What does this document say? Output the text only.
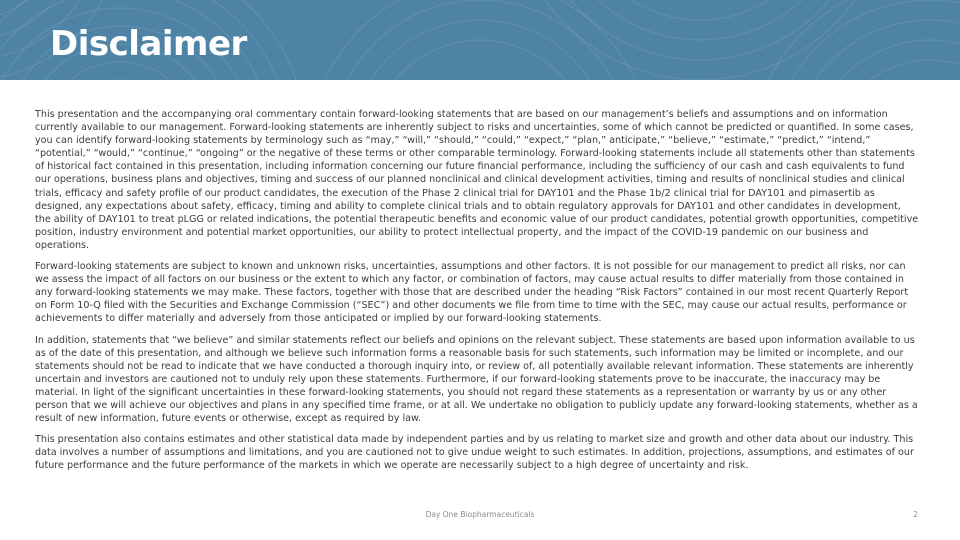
Disclaimer

This presentation and the accompanying oral commentary contain forward-looking statements that are based on our management’s beliefs and assumptions and on information currently available to our management. Forward-looking statements are inherently subject to risks and uncertainties, some of which cannot be predicted or quantified. In some cases, you can identify forward-looking statements by terminology such as “may,” “will,” “should,” “could,” “expect,” “plan,” anticipate,” “believe,” “estimate,” “predict,” “intend,” “potential,” “would,” “continue,” “ongoing” or the negative of these terms or other comparable terminology. Forward-looking statements include all statements other than statements of historical fact contained in this presentation, including information concerning our future financial performance, including the sufficiency of our cash and cash equivalents to fund our operations, business plans and objectives, timing and success of our planned nonclinical and clinical development activities, timing and results of nonclinical studies and clinical trials, efficacy and safety profile of our product candidates, the execution of the Phase 2 clinical trial for DAY101 and the Phase 1b/2 clinical trial for DAY101 and pimasertib as designed, any expectations about safety, efficacy, timing and ability to complete clinical trials and to obtain regulatory approvals for DAY101 and other candidates in development, the ability of DAY101 to treat pLGG or related indications, the potential therapeutic benefits and economic value of our product candidates, potential growth opportunities, competitive position, industry environment and potential market opportunities, our ability to protect intellectual property, and the impact of the COVID-19 pandemic on our business and operations.

Forward-looking statements are subject to known and unknown risks, uncertainties, assumptions and other factors. It is not possible for our management to predict all risks, nor can we assess the impact of all factors on our business or the extent to which any factor, or combination of factors, may cause actual results to differ materially from those contained in any forward-looking statements we may make. These factors, together with those that are described under the heading “Risk Factors” contained in our most recent Quarterly Report on Form 10-Q filed with the Securities and Exchange Commission (“SEC”) and other documents we file from time to time with the SEC, may cause our actual results, performance or achievements to differ materially and adversely from those anticipated or implied by our forward-looking statements.

In addition, statements that “we believe” and similar statements reflect our beliefs and opinions on the relevant subject. These statements are based upon information available to us as of the date of this presentation, and although we believe such information forms a reasonable basis for such statements, such information may be limited or incomplete, and our statements should not be read to indicate that we have conducted a thorough inquiry into, or review of, all potentially available relevant information. These statements are inherently uncertain and investors are cautioned not to unduly rely upon these statements. Furthermore, if our forward-looking statements prove to be inaccurate, the inaccuracy may be material. In light of the significant uncertainties in these forward-looking statements, you should not regard these statements as a representation or warranty by us or any other person that we will achieve our objectives and plans in any specified time frame, or at all. We undertake no obligation to publicly update any forward-looking statements, whether as a result of new information, future events or otherwise, except as required by law.

This presentation also contains estimates and other statistical data made by independent parties and by us relating to market size and growth and other data about our industry. This data involves a number of assumptions and limitations, and you are cautioned not to give undue weight to such estimates. In addition, projections, assumptions, and estimates of our future performance and the future performance of the markets in which we operate are necessarily subject to a high degree of uncertainty and risk.

Day One Biopharmaceuticals	2
